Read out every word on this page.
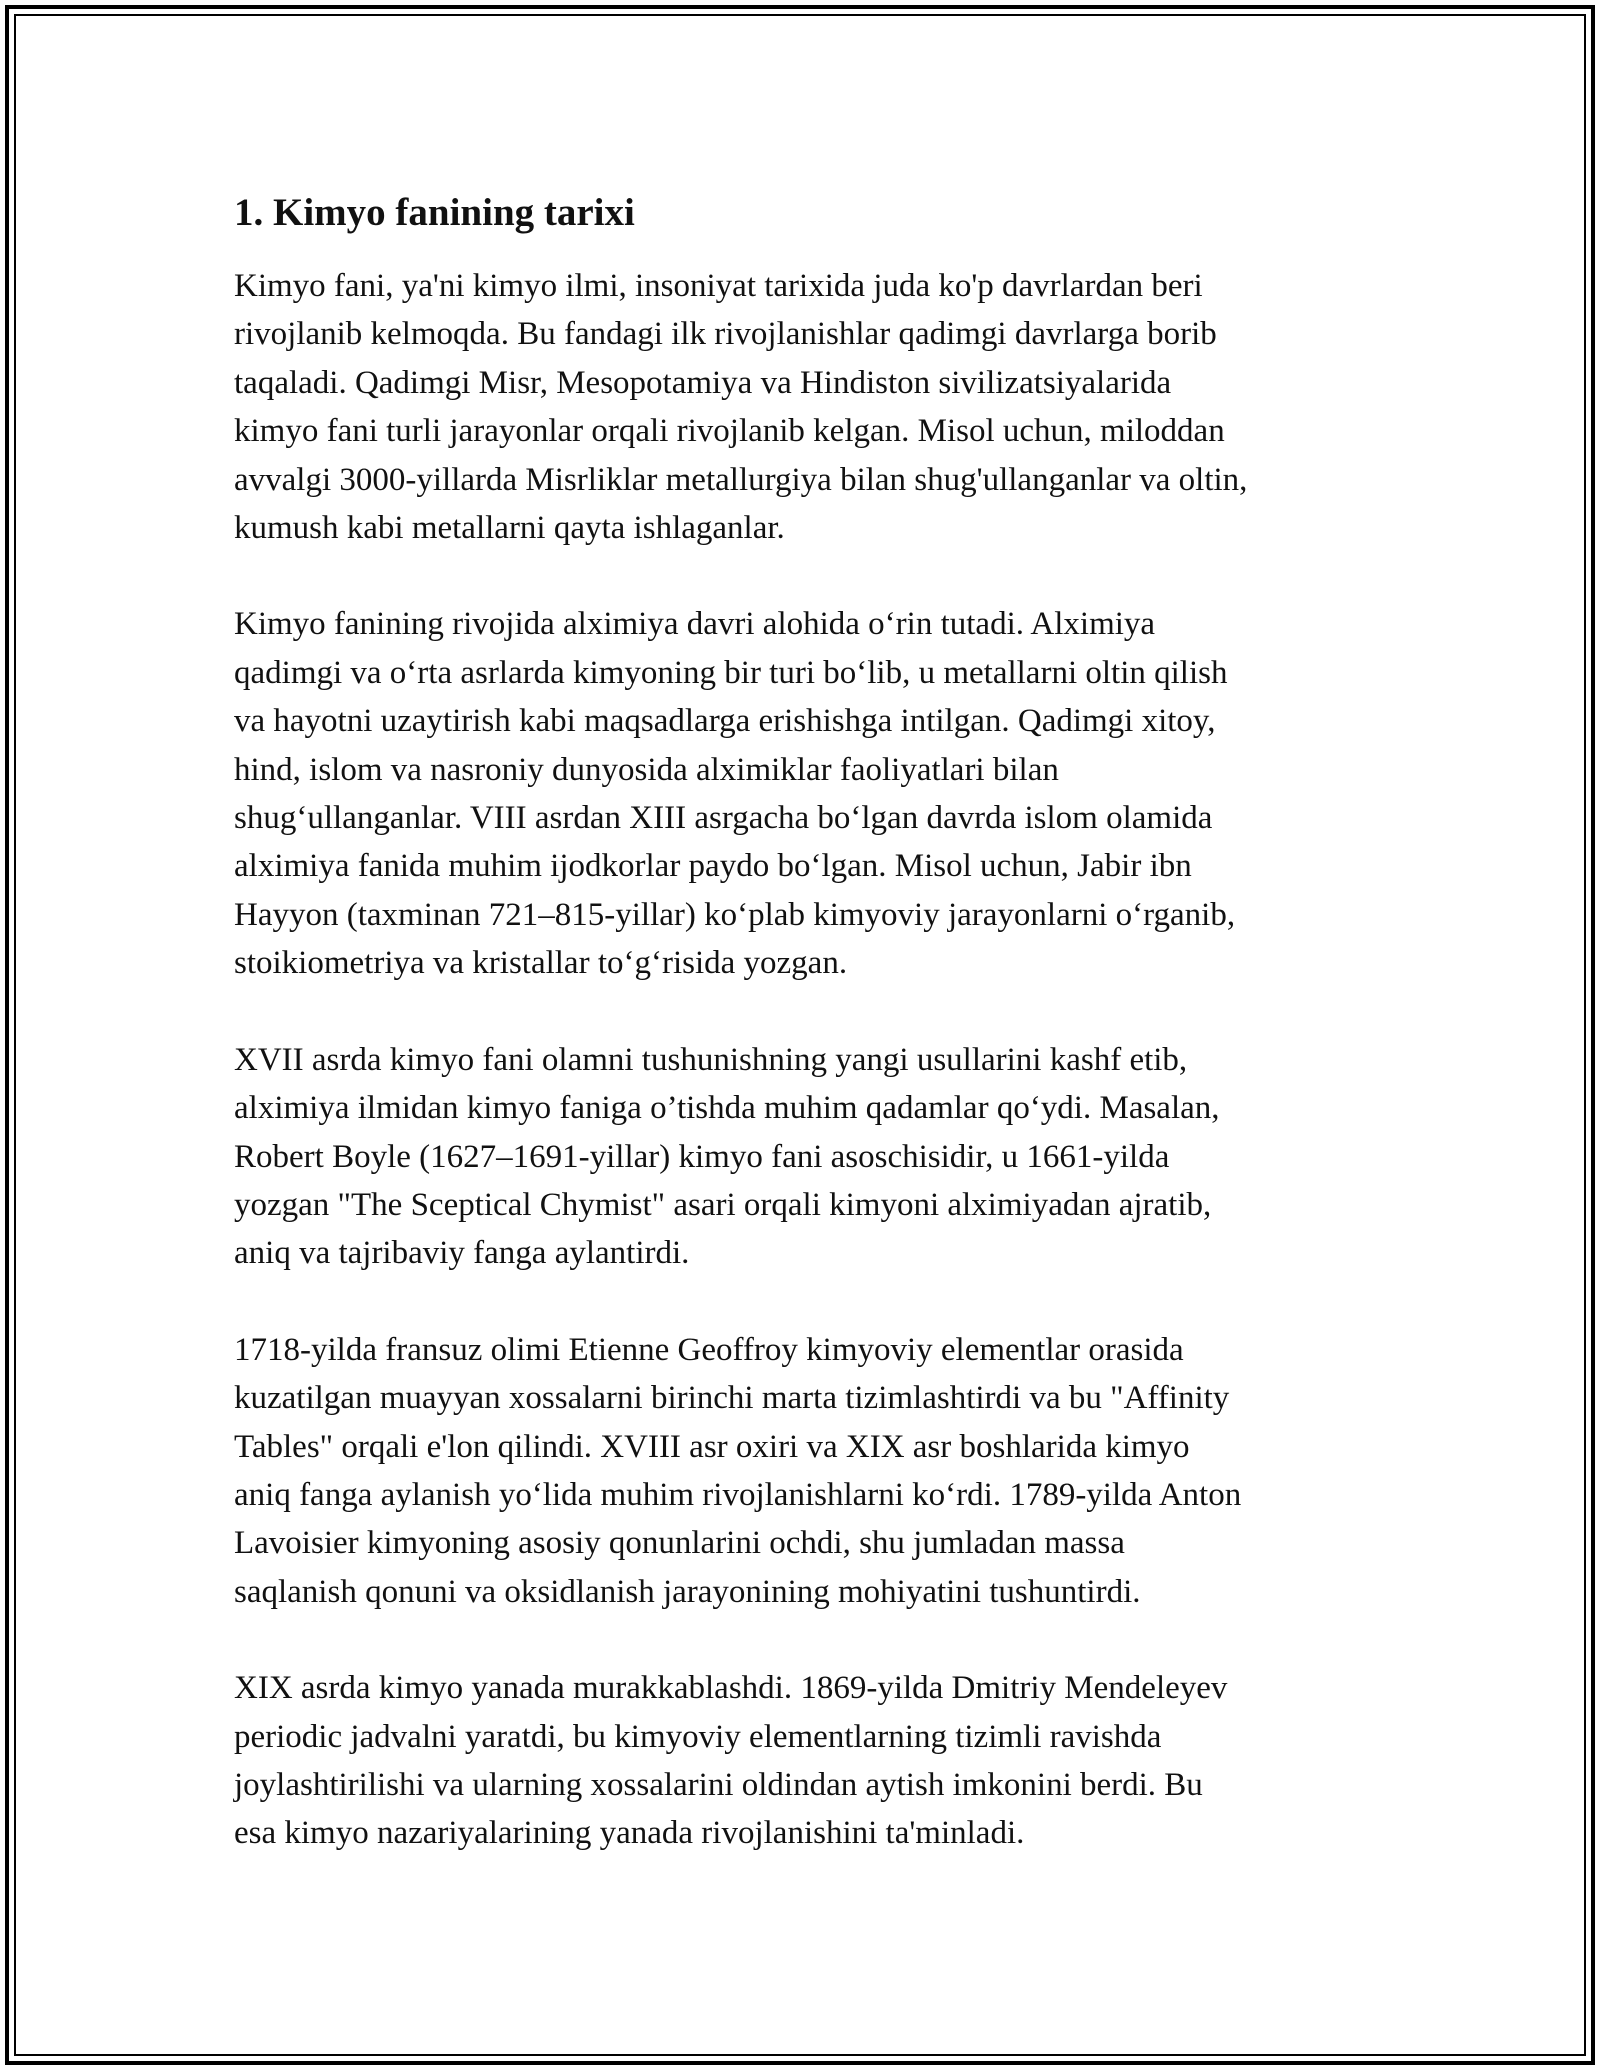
1. Kimyo fanining tarixi

Kimyo fani, ya'ni kimyo ilmi, insoniyat tarixida juda ko'p davrlardan beri
rivojlanib kelmoqda. Bu fandagi ilk rivojlanishlar qadimgi davrlarga borib
taqaladi. Qadimgi Misr, Mesopotamiya va Hindiston sivilizatsiyalarida
kimyo fani turli jarayonlar orqali rivojlanib kelgan. Misol uchun, miloddan
avvalgi 3000-yillarda Misrliklar metallurgiya bilan shug'ullanganlar va oltin,
kumush kabi metallarni qayta ishlaganlar.

Kimyo fanining rivojida alximiya davri alohida o‘rin tutadi. Alximiya
qadimgi va o‘rta asrlarda kimyoning bir turi bo‘lib, u metallarni oltin qilish
va hayotni uzaytirish kabi maqsadlarga erishishga intilgan. Qadimgi xitoy,
hind, islom va nasroniy dunyosida alximiklar faoliyatlari bilan
shug‘ullanganlar. VIII asrdan XIII asrgacha bo‘lgan davrda islom olamida
alximiya fanida muhim ijodkorlar paydo bo‘lgan. Misol uchun, Jabir ibn
Hayyon (taxminan 721–815-yillar) ko‘plab kimyoviy jarayonlarni o‘rganib,
stoikiometriya va kristallar to‘g‘risida yozgan.

XVII asrda kimyo fani olamni tushunishning yangi usullarini kashf etib,
alximiya ilmidan kimyo faniga o’tishda muhim qadamlar qo‘ydi. Masalan,
Robert Boyle (1627–1691-yillar) kimyo fani asoschisidir, u 1661-yilda
yozgan "The Sceptical Chymist" asari orqali kimyoni alximiyadan ajratib,
aniq va tajribaviy fanga aylantirdi.

1718-yilda fransuz olimi Etienne Geoffroy kimyoviy elementlar orasida
kuzatilgan muayyan xossalarni birinchi marta tizimlashtirdi va bu "Affinity
Tables" orqali e'lon qilindi. XVIII asr oxiri va XIX asr boshlarida kimyo
aniq fanga aylanish yo‘lida muhim rivojlanishlarni ko‘rdi. 1789-yilda Anton
Lavoisier kimyoning asosiy qonunlarini ochdi, shu jumladan massa
saqlanish qonuni va oksidlanish jarayonining mohiyatini tushuntirdi.

XIX asrda kimyo yanada murakkablashdi. 1869-yilda Dmitriy Mendeleyev
periodic jadvalni yaratdi, bu kimyoviy elementlarning tizimli ravishda
joylashtirilishi va ularning xossalarini oldindan aytish imkonini berdi. Bu
esa kimyo nazariyalarining yanada rivojlanishini ta'minladi.
